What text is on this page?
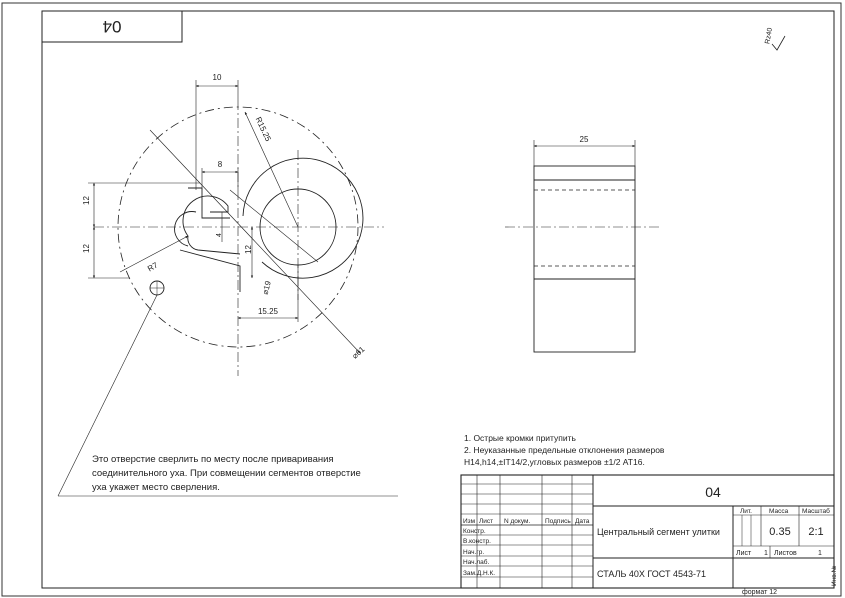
04	Rz40
10
8
R15.25
12
12
4
12
R7
⌀19
15.25
⌀61
Это отверстие сверлить по месту после приваривания
соединительного уха. При совмещении сегментов отверстие
уха укажет место сверления.
25
1. Острые кромки притупить
2. Неуказанные предельные отклонения размеров
Н14,h14,±IT14/2,угловых размеров ±1/2 АТ16.
04
Центральный сегмент улитки
СТАЛЬ 40Х ГОСТ 4543-71
Изм Лист N докум. Подпись Дата
Констр.
В.констр.
Нач.гр.
Нач.лаб.
Зам.Д.Н.К.
Лит.	Масса Масштаб
0.35 2:1
Лист 1 Листов	1
формат 12
Инв.№
